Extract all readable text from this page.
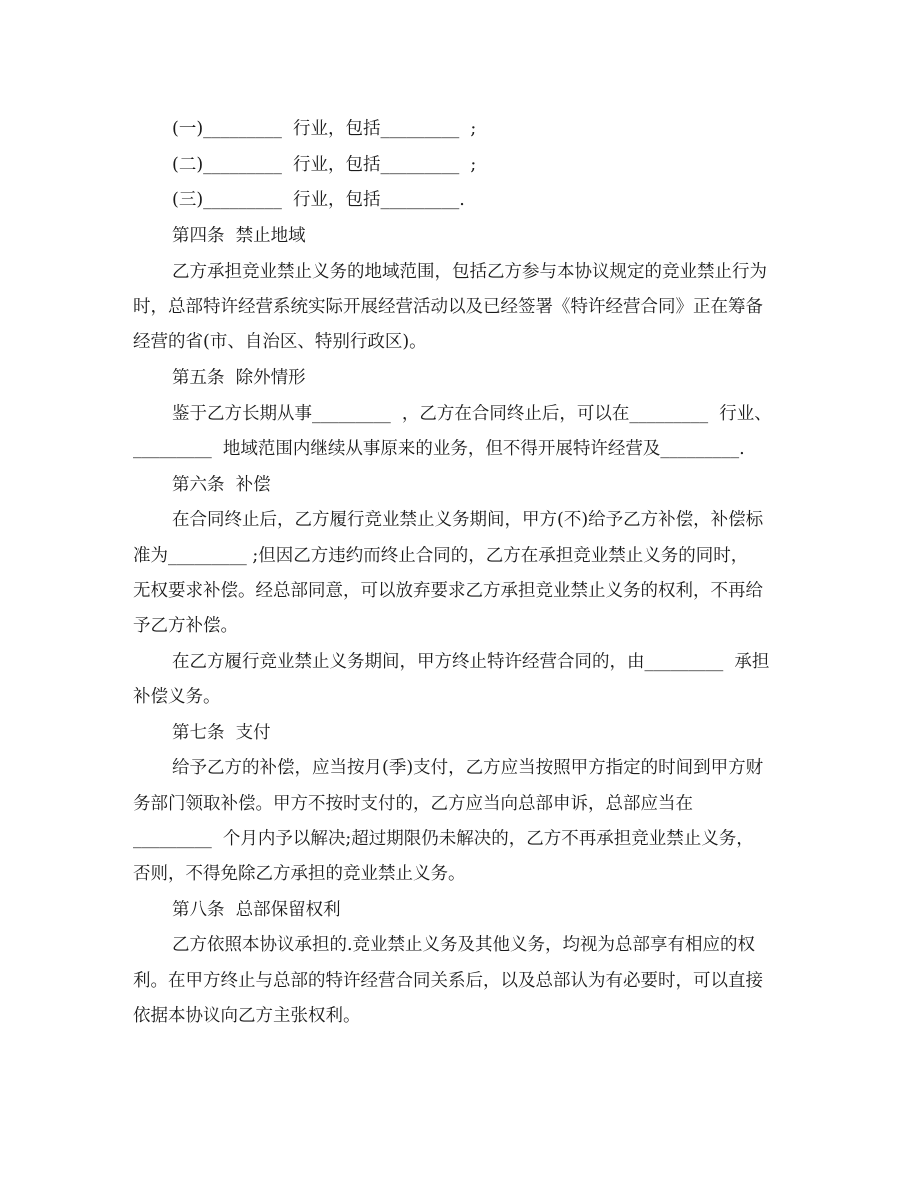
(一)_________  行业，包括_________  ;
(二)_________  行业，包括_________  ;
(三)_________  行业，包括_________.
第四条  禁止地域
乙方承担竞业禁止义务的地域范围，包括乙方参与本协议规定的竞业禁止行为
时，总部特许经营系统实际开展经营活动以及已经签署《特许经营合同》正在筹备
经营的省(市、自治区、特别行政区)。
第五条  除外情形
鉴于乙方长期从事_________  ，乙方在合同终止后，可以在_________  行业、
_________  地域范围内继续从事原来的业务，但不得开展特许经营及_________.
第六条  补偿
在合同终止后，乙方履行竞业禁止义务期间，甲方(不)给予乙方补偿，补偿标
准为_________ ;但因乙方违约而终止合同的，乙方在承担竞业禁止义务的同时，
无权要求补偿。经总部同意，可以放弃要求乙方承担竞业禁止义务的权利，不再给
予乙方补偿。
在乙方履行竞业禁止义务期间，甲方终止特许经营合同的，由_________  承担
补偿义务。
第七条  支付
给予乙方的补偿，应当按月(季)支付，乙方应当按照甲方指定的时间到甲方财
务部门领取补偿。甲方不按时支付的，乙方应当向总部申诉，总部应当在
_________  个月内予以解决;超过期限仍未解决的，乙方不再承担竞业禁止义务，
否则，不得免除乙方承担的竞业禁止义务。
第八条  总部保留权利
乙方依照本协议承担的.竞业禁止义务及其他义务，均视为总部享有相应的权
利。在甲方终止与总部的特许经营合同关系后，以及总部认为有必要时，可以直接
依据本协议向乙方主张权利。
